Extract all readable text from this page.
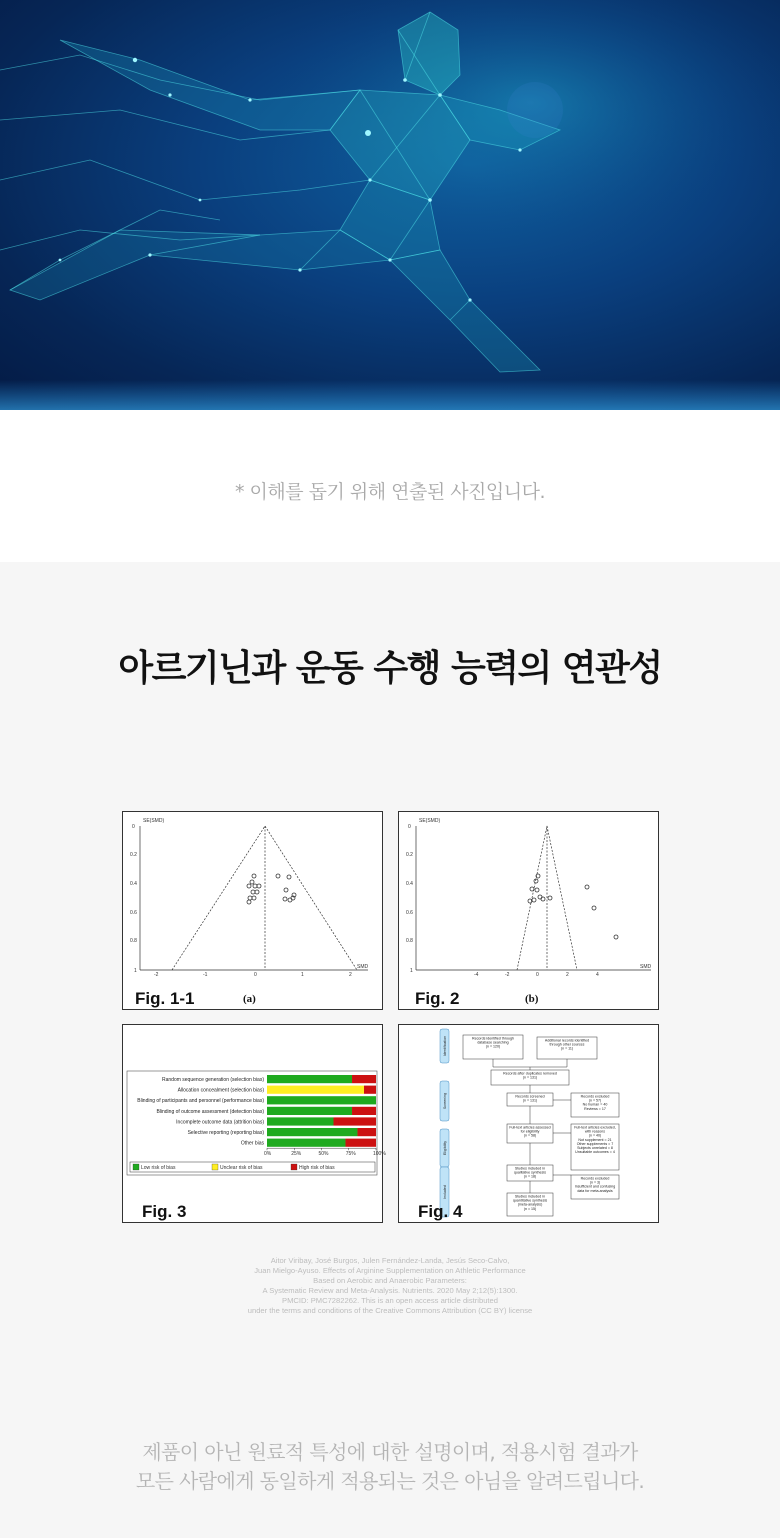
* 이해를 돕기 위해 연출된 사진입니다.
아르기닌과 운동 수행 능력의 연관성
SE(SMD)
SMD
0
0.2
0.4
0.6
0.8
1
-2	-1	0	1	2
Fig. 1-1	(a)
SE(SMD)
SMD
0
0.2
0.4
0.6
0.8
1
-4	-2	0	2	4
Fig. 2	(b)
Random sequence generation (selection bias)
Allocation concealment (selection bias)
Blinding of participants and personnel (performance bias)
Blinding of outcome assessment (detection bias)
Incomplete outcome data (attrition bias)
Selective reporting (reporting bias)
Other bias
0%	25%	50%	75%	100%
Low risk of bias	Unclear risk of bias	High risk of bias
Fig. 3
Identification
Screening
Eligibility
Included
Records identified through
database searching
(n = 120)
Additional records identified
through other sources
(n = 11)
Records after duplicates removed
(n = 131)
Records screened
(n = 131)
Records excluded
(n = 57)
No human = 40
Reviews = 17
Full-text articles assessed
for eligibility
(n = 58)
Full-text articles excluded,
with reasons
(n = 40)
Not supplement = 21
Other supplements = 7
Subjects unrelated = 8
Unsuitable outcomes = 4
Studies included in
qualitative synthesis
(n = 18)	Records excluded
(n = 3)
Insufficient and confusing
data for meta-analysis
Studies included in
quantitative synthesis
(meta-analysis)
(n = 15)
Fig. 4
Aitor Viribay, José Burgos, Julen Fernández-Landa, Jesús Seco-Calvo,
Juan Mielgo-Ayuso. Effects of Arginine Supplementation on Athletic Performance
Based on Aerobic and Anaerobic Parameters:
A Systematic Review and Meta-Analysis. Nutrients. 2020 May 2;12(5):1300.
PMCID: PMC7282262. This is an open access article distributed
under the terms and conditions of the Creative Commons Attribution (CC BY) license
제품이 아닌 원료적 특성에 대한 설명이며, 적용시험 결과가
모든 사람에게 동일하게 적용되는 것은 아님을 알려드립니다.
